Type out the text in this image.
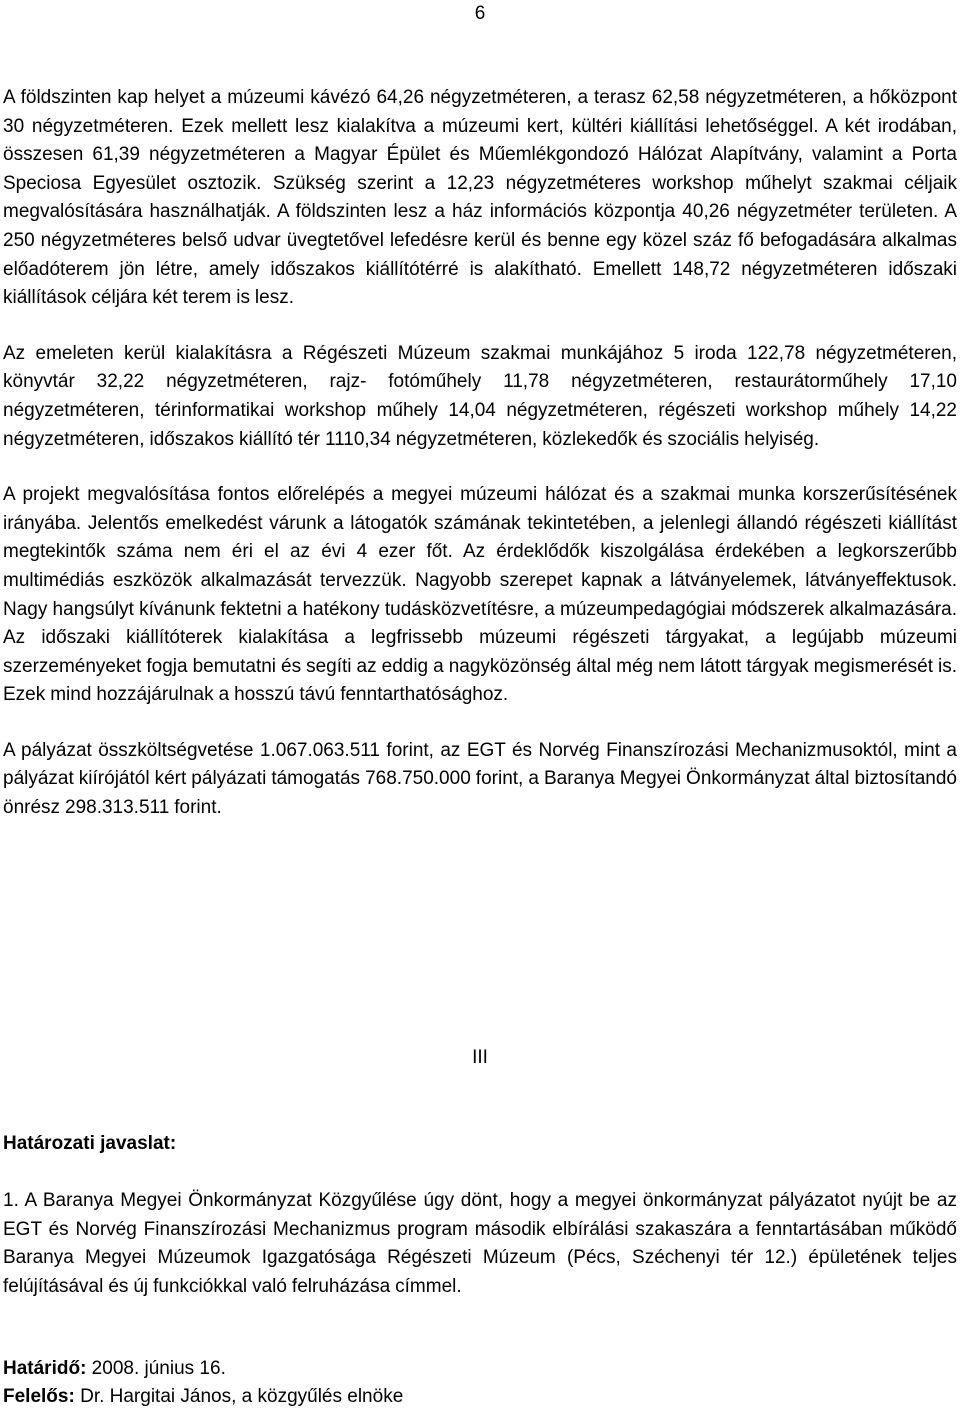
6

A földszinten kap helyet a múzeumi kávézó 64,26 négyzetméteren, a terasz 62,58 négyzetméteren, a hőközpont 30 négyzetméteren. Ezek mellett lesz kialakítva a múzeumi kert, kültéri kiállítási lehetőséggel. A két irodában, összesen 61,39 négyzetméteren a Magyar Épület és Műemlékgondozó Hálózat Alapítvány, valamint a Porta Speciosa Egyesület osztozik. Szükség szerint a 12,23 négyzetméteres workshop műhelyt szakmai céljaik megvalósítására használhatják. A földszinten lesz a ház információs központja 40,26 négyzetméter területen. A 250 négyzetméteres belső udvar üvegtetővel lefedésre kerül és benne egy közel száz fő befogadására alkalmas előadóterem jön létre, amely időszakos kiállítótérré is alakítható. Emellett 148,72 négyzetméteren időszaki kiállítások céljára két terem is lesz.

Az emeleten kerül kialakításra a Régészeti Múzeum szakmai munkájához 5 iroda 122,78 négyzetméteren, könyvtár 32,22 négyzetméteren, rajz- fotóműhely 11,78 négyzetméteren, restaurátorműhely 17,10 négyzetméteren, térinformatikai workshop műhely 14,04 négyzetméteren, régészeti workshop műhely 14,22 négyzetméteren, időszakos kiállító tér 1110,34 négyzetméteren, közlekedők és szociális helyiség.

A projekt megvalósítása fontos előrelépés a megyei múzeumi hálózat és a szakmai munka korszerűsítésének irányába. Jelentős emelkedést várunk a látogatók számának tekintetében, a jelenlegi állandó régészeti kiállítást megtekintők száma nem éri el az évi 4 ezer főt. Az érdeklődők kiszolgálása érdekében a legkorszerűbb multimédiás eszközök alkalmazását tervezzük. Nagyobb szerepet kapnak a látványelemek, látványeffektusok. Nagy hangsúlyt kívánunk fektetni a hatékony tudásközvetítésre, a múzeumpedagógiai módszerek alkalmazására. Az időszaki kiállítóterek kialakítása a legfrissebb múzeumi régészeti tárgyakat, a legújabb múzeumi szerzeményeket fogja bemutatni és segíti az eddig a nagyközönség által még nem látott tárgyak megismerését is. Ezek mind hozzájárulnak a hosszú távú fenntarthatósághoz.

A pályázat összköltségvetése 1.067.063.511 forint, az EGT és Norvég Finanszírozási Mechanizmusoktól, mint a pályázat kiírójától kért pályázati támogatás 768.750.000 forint, a Baranya Megyei Önkormányzat által biztosítandó önrész 298.313.511 forint.

III
Határozati javaslat:

1. A Baranya Megyei Önkormányzat Közgyűlése úgy dönt, hogy a megyei önkormányzat pályázatot nyújt be az EGT és Norvég Finanszírozási Mechanizmus program második elbírálási szakaszára a fenntartásában működő Baranya Megyei Múzeumok Igazgatósága Régészeti Múzeum (Pécs, Széchenyi tér 12.) épületének teljes felújításával és új funkciókkal való felruházása címmel.

Határidő: 2008. június 16.

Felelős: Dr. Hargitai János, a közgyűlés elnöke
